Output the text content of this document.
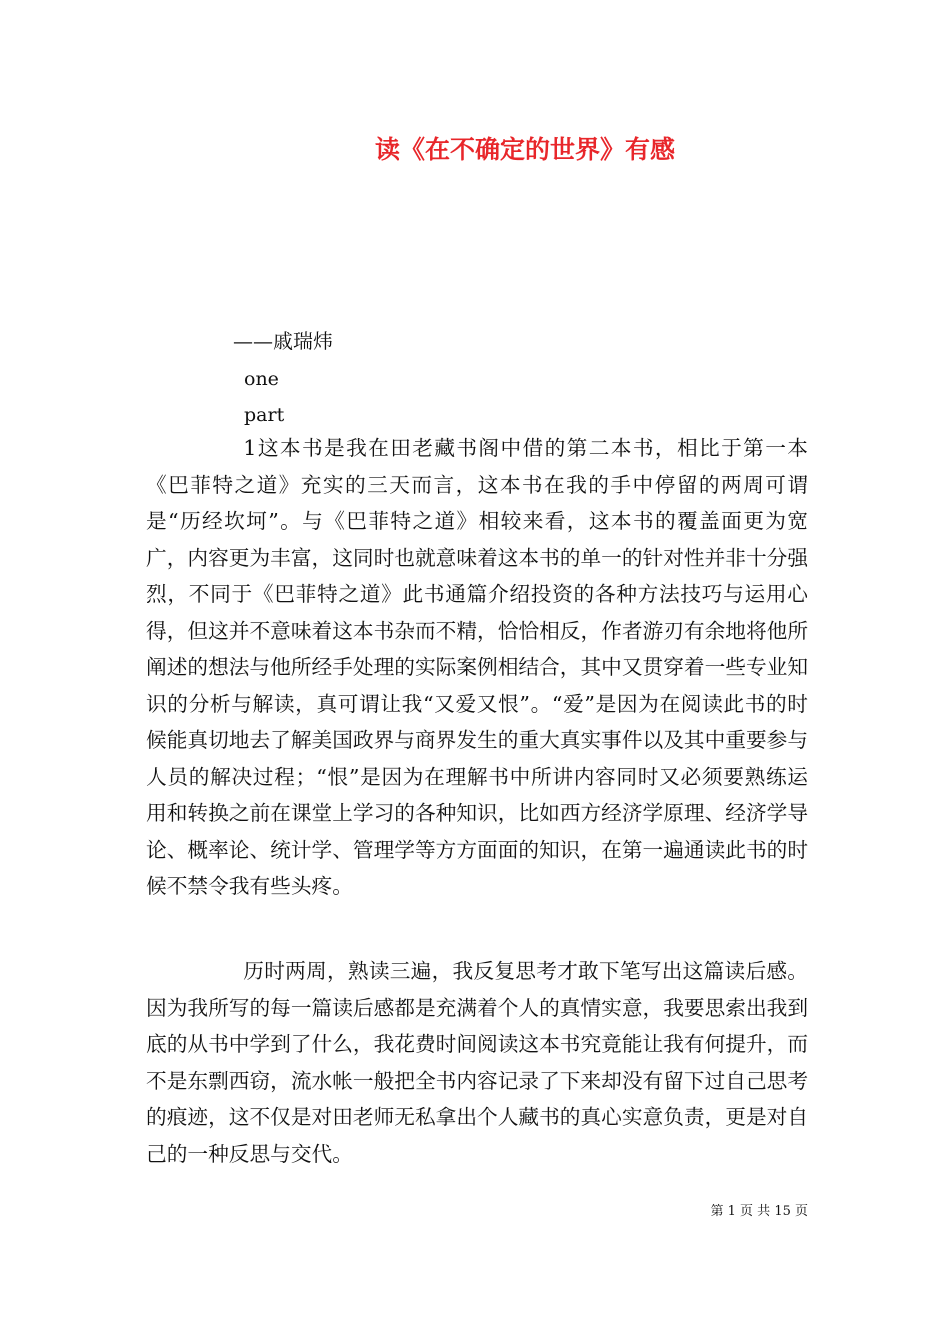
读《在不确定的世界》有感
——戚瑞炜
one
part

1这本书是我在田老藏书阁中借的第二本书，相比于第一本《巴菲特之道》充实的三天而言，这本书在我的手中停留的两周可谓是“历经坎坷”。与《巴菲特之道》相较来看，这本书的覆盖面更为宽广，内容更为丰富，这同时也就意味着这本书的单一的针对性并非十分强烈，不同于《巴菲特之道》此书通篇介绍投资的各种方法技巧与运用心得，但这并不意味着这本书杂而不精，恰恰相反，作者游刃有余地将他所阐述的想法与他所经手处理的实际案例相结合，其中又贯穿着一些专业知识的分析与解读，真可谓让我“又爱又恨”。“爱”是因为在阅读此书的时候能真切地去了解美国政界与商界发生的重大真实事件以及其中重要参与人员的解决过程；“恨”是因为在理解书中所讲内容同时又必须要熟练运用和转换之前在课堂上学习的各种知识，比如西方经济学原理、经济学导论、概率论、统计学、管理学等方方面面的知识，在第一遍通读此书的时候不禁令我有些头疼。

历时两周，熟读三遍，我反复思考才敢下笔写出这篇读后感。因为我所写的每一篇读后感都是充满着个人的真情实意，我要思索出我到底的从书中学到了什么，我花费时间阅读这本书究竟能让我有何提升，而不是东剽西窃，流水帐一般把全书内容记录了下来却没有留下过自己思考的痕迹，这不仅是对田老师无私拿出个人藏书的真心实意负责，更是对自己的一种反思与交代。

第 1 页 共 15 页
